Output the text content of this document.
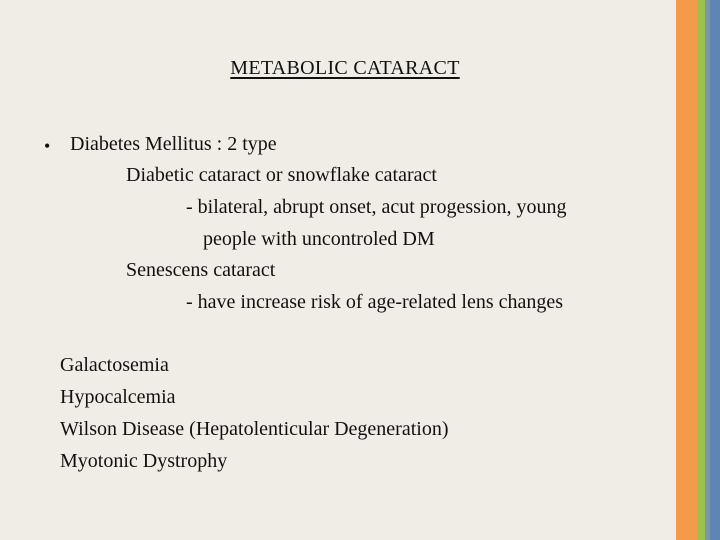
METABOLIC CATARACT
• Diabetes Mellitus : 2 type
Diabetic cataract or snowflake cataract
- bilateral, abrupt onset, acut progession, young
people with uncontroled DM
Senescens cataract
- have increase risk of age-related lens changes
Galactosemia
Hypocalcemia
Wilson Disease (Hepatolenticular Degeneration)
Myotonic Dystrophy
